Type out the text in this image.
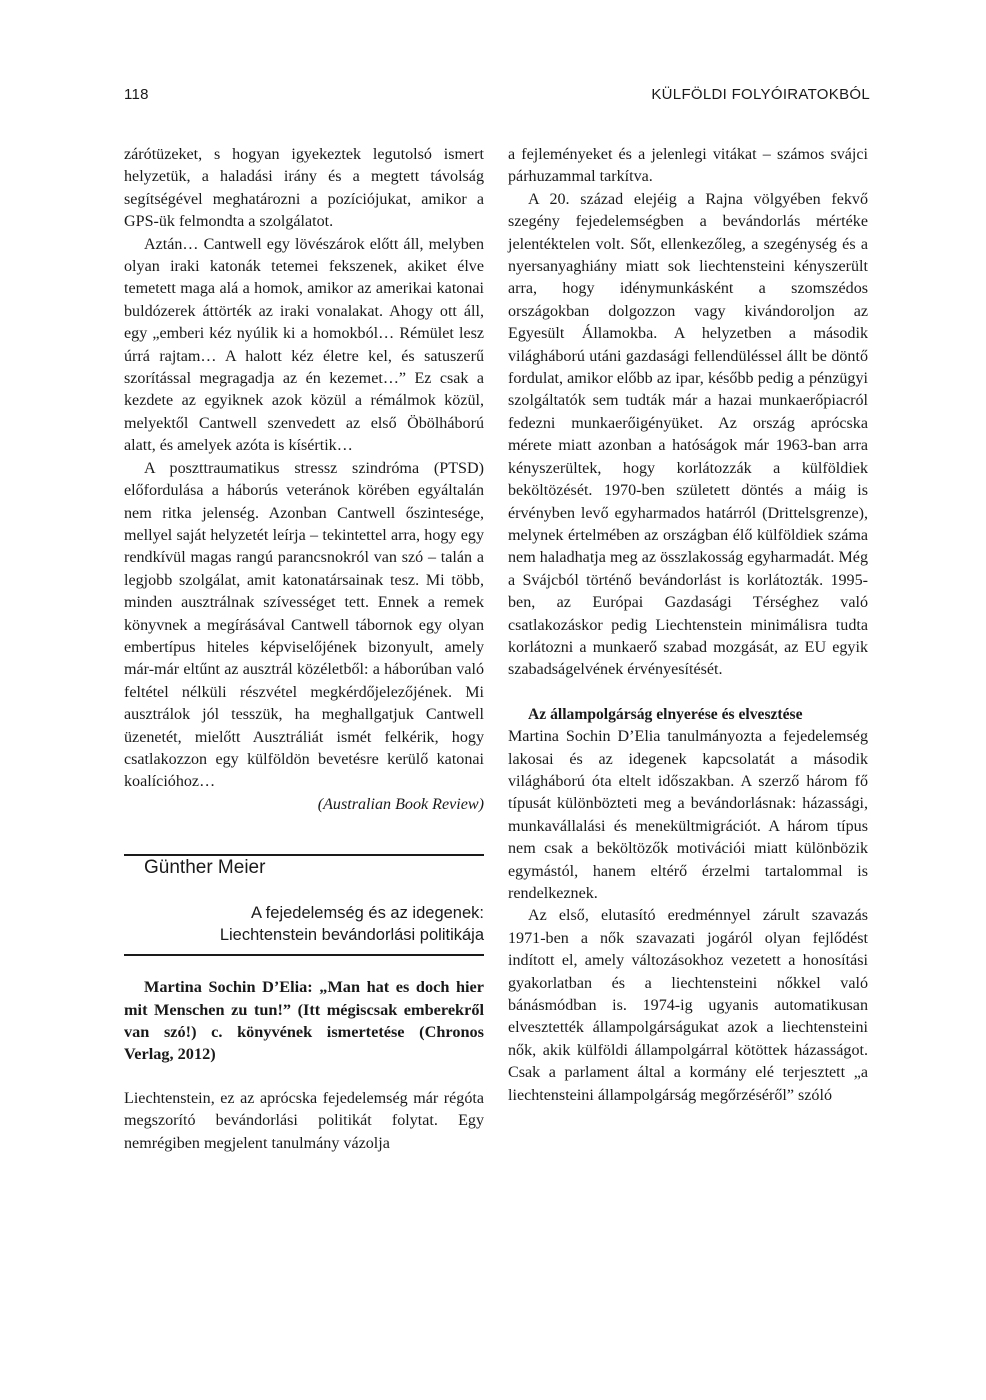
118	KÜLFÖLDI FOLYÓIRATOKBÓL

zárótüzeket, s hogyan igyekeztek legutolsó ismert helyzetük, a haladási irány és a megtett távolság segítségével meghatározni a pozíciójukat, amikor a GPS-ük felmondta a szolgálatot.

Aztán… Cantwell egy lövészárok előtt áll, melyben olyan iraki katonák tetemei fekszenek, akiket élve temetett maga alá a homok, amikor az amerikai katonai buldózerek áttörték az iraki vonalakat. Ahogy ott áll, egy „emberi kéz nyúlik ki a homokból… Rémület lesz úrrá rajtam… A halott kéz életre kel, és satuszerű szorítással megragadja az én kezemet…” Ez csak a kezdete az egyiknek azok közül a rémálmok közül, melyektől Cantwell szenvedett az első Öbölháború alatt, és amelyek azóta is kísértik…

A poszttraumatikus stressz szindróma (PTSD) előfordulása a háborús veteránok körében egyáltalán nem ritka jelenség. Azonban Cantwell őszintesége, mellyel saját helyzetét leírja – tekintettel arra, hogy egy rendkívül magas rangú parancsnokról van szó – talán a legjobb szolgálat, amit katonatársainak tesz. Mi több, minden ausztrálnak szívességet tett. Ennek a remek könyvnek a megírásával Cantwell tábornok egy olyan embertípus hiteles képviselőjének bizonyult, amely már-már eltűnt az ausztrál közéletből: a háborúban való feltétel nélküli részvétel megkérdőjelezőjének. Mi ausztrálok jól tesszük, ha meghallgatjuk Cantwell üzenetét, mielőtt Ausztráliát ismét felkérik, hogy csatlakozzon egy külföldön bevetésre kerülő katonai koalícióhoz…

(Australian Book Review)

Günther Meier

A fejedelemség és az idegenek:

Liechtenstein bevándorlási politikája

Martina Sochin D’Elia: „Man hat es doch hier mit Menschen zu tun!” (Itt mégiscsak emberekről van szó!) c. könyvének ismertetése (Chronos Verlag, 2012)

Liechtenstein, ez az aprócska fejedelemség már régóta megszorító bevándorlási politikát folytat. Egy nemrégiben megjelent tanulmány vázolja

a fejleményeket és a jelenlegi vitákat – számos svájci párhuzammal tarkítva.

A 20. század elejéig a Rajna völgyében fekvő szegény fejedelemségben a bevándorlás mértéke jelentéktelen volt. Sőt, ellenkezőleg, a szegénység és a nyersanyaghiány miatt sok liechtensteini kényszerült arra, hogy idénymunkásként a szomszédos országokban dolgozzon vagy kivándoroljon az Egyesült Államokba. A helyzetben a második világháború utáni gazdasági fellendüléssel állt be döntő fordulat, amikor előbb az ipar, később pedig a pénzügyi szolgáltatók sem tudták már a hazai munkaerőpiacról fedezni munkaerőigényüket. Az ország aprócska mérete miatt azonban a hatóságok már 1963-ban arra kényszerültek, hogy korlátozzák a külföldiek beköltözését. 1970-ben született döntés a máig is érvényben levő egyharmados határról (Drittelsgrenze), melynek értelmében az országban élő külföldiek száma nem haladhatja meg az összlakosság egyharmadát. Még a Svájcból történő bevándorlást is korlátozták. 1995-ben, az Európai Gazdasági Térséghez való csatlakozáskor pedig Liechtenstein minimálisra tudta korlátozni a munkaerő szabad mozgását, az EU egyik szabadságelvének érvényesítését.

Az állampolgárság elnyerése és elvesztése

Martina Sochin D’Elia tanulmányozta a fejedelemség lakosai és az idegenek kapcsolatát a második világháború óta eltelt időszakban. A szerző három fő típusát különbözteti meg a bevándorlásnak: házassági, munkavállalási és menekültmigrációt. A három típus nem csak a beköltözők motivációi miatt különbözik egymástól, hanem eltérő érzelmi tartalommal is rendelkeznek.

Az első, elutasító eredménnyel zárult szavazás 1971-ben a nők szavazati jogáról olyan fejlődést indított el, amely változásokhoz vezetett a honosítási gyakorlatban és a liechtensteini nőkkel való bánásmódban is. 1974-ig ugyanis automatikusan elvesztették állampolgárságukat azok a liechtensteini nők, akik külföldi állampolgárral kötöttek házasságot. Csak a parlament által a kormány elé terjesztett „a liechtensteini állampolgárság megőrzéséről” szóló
